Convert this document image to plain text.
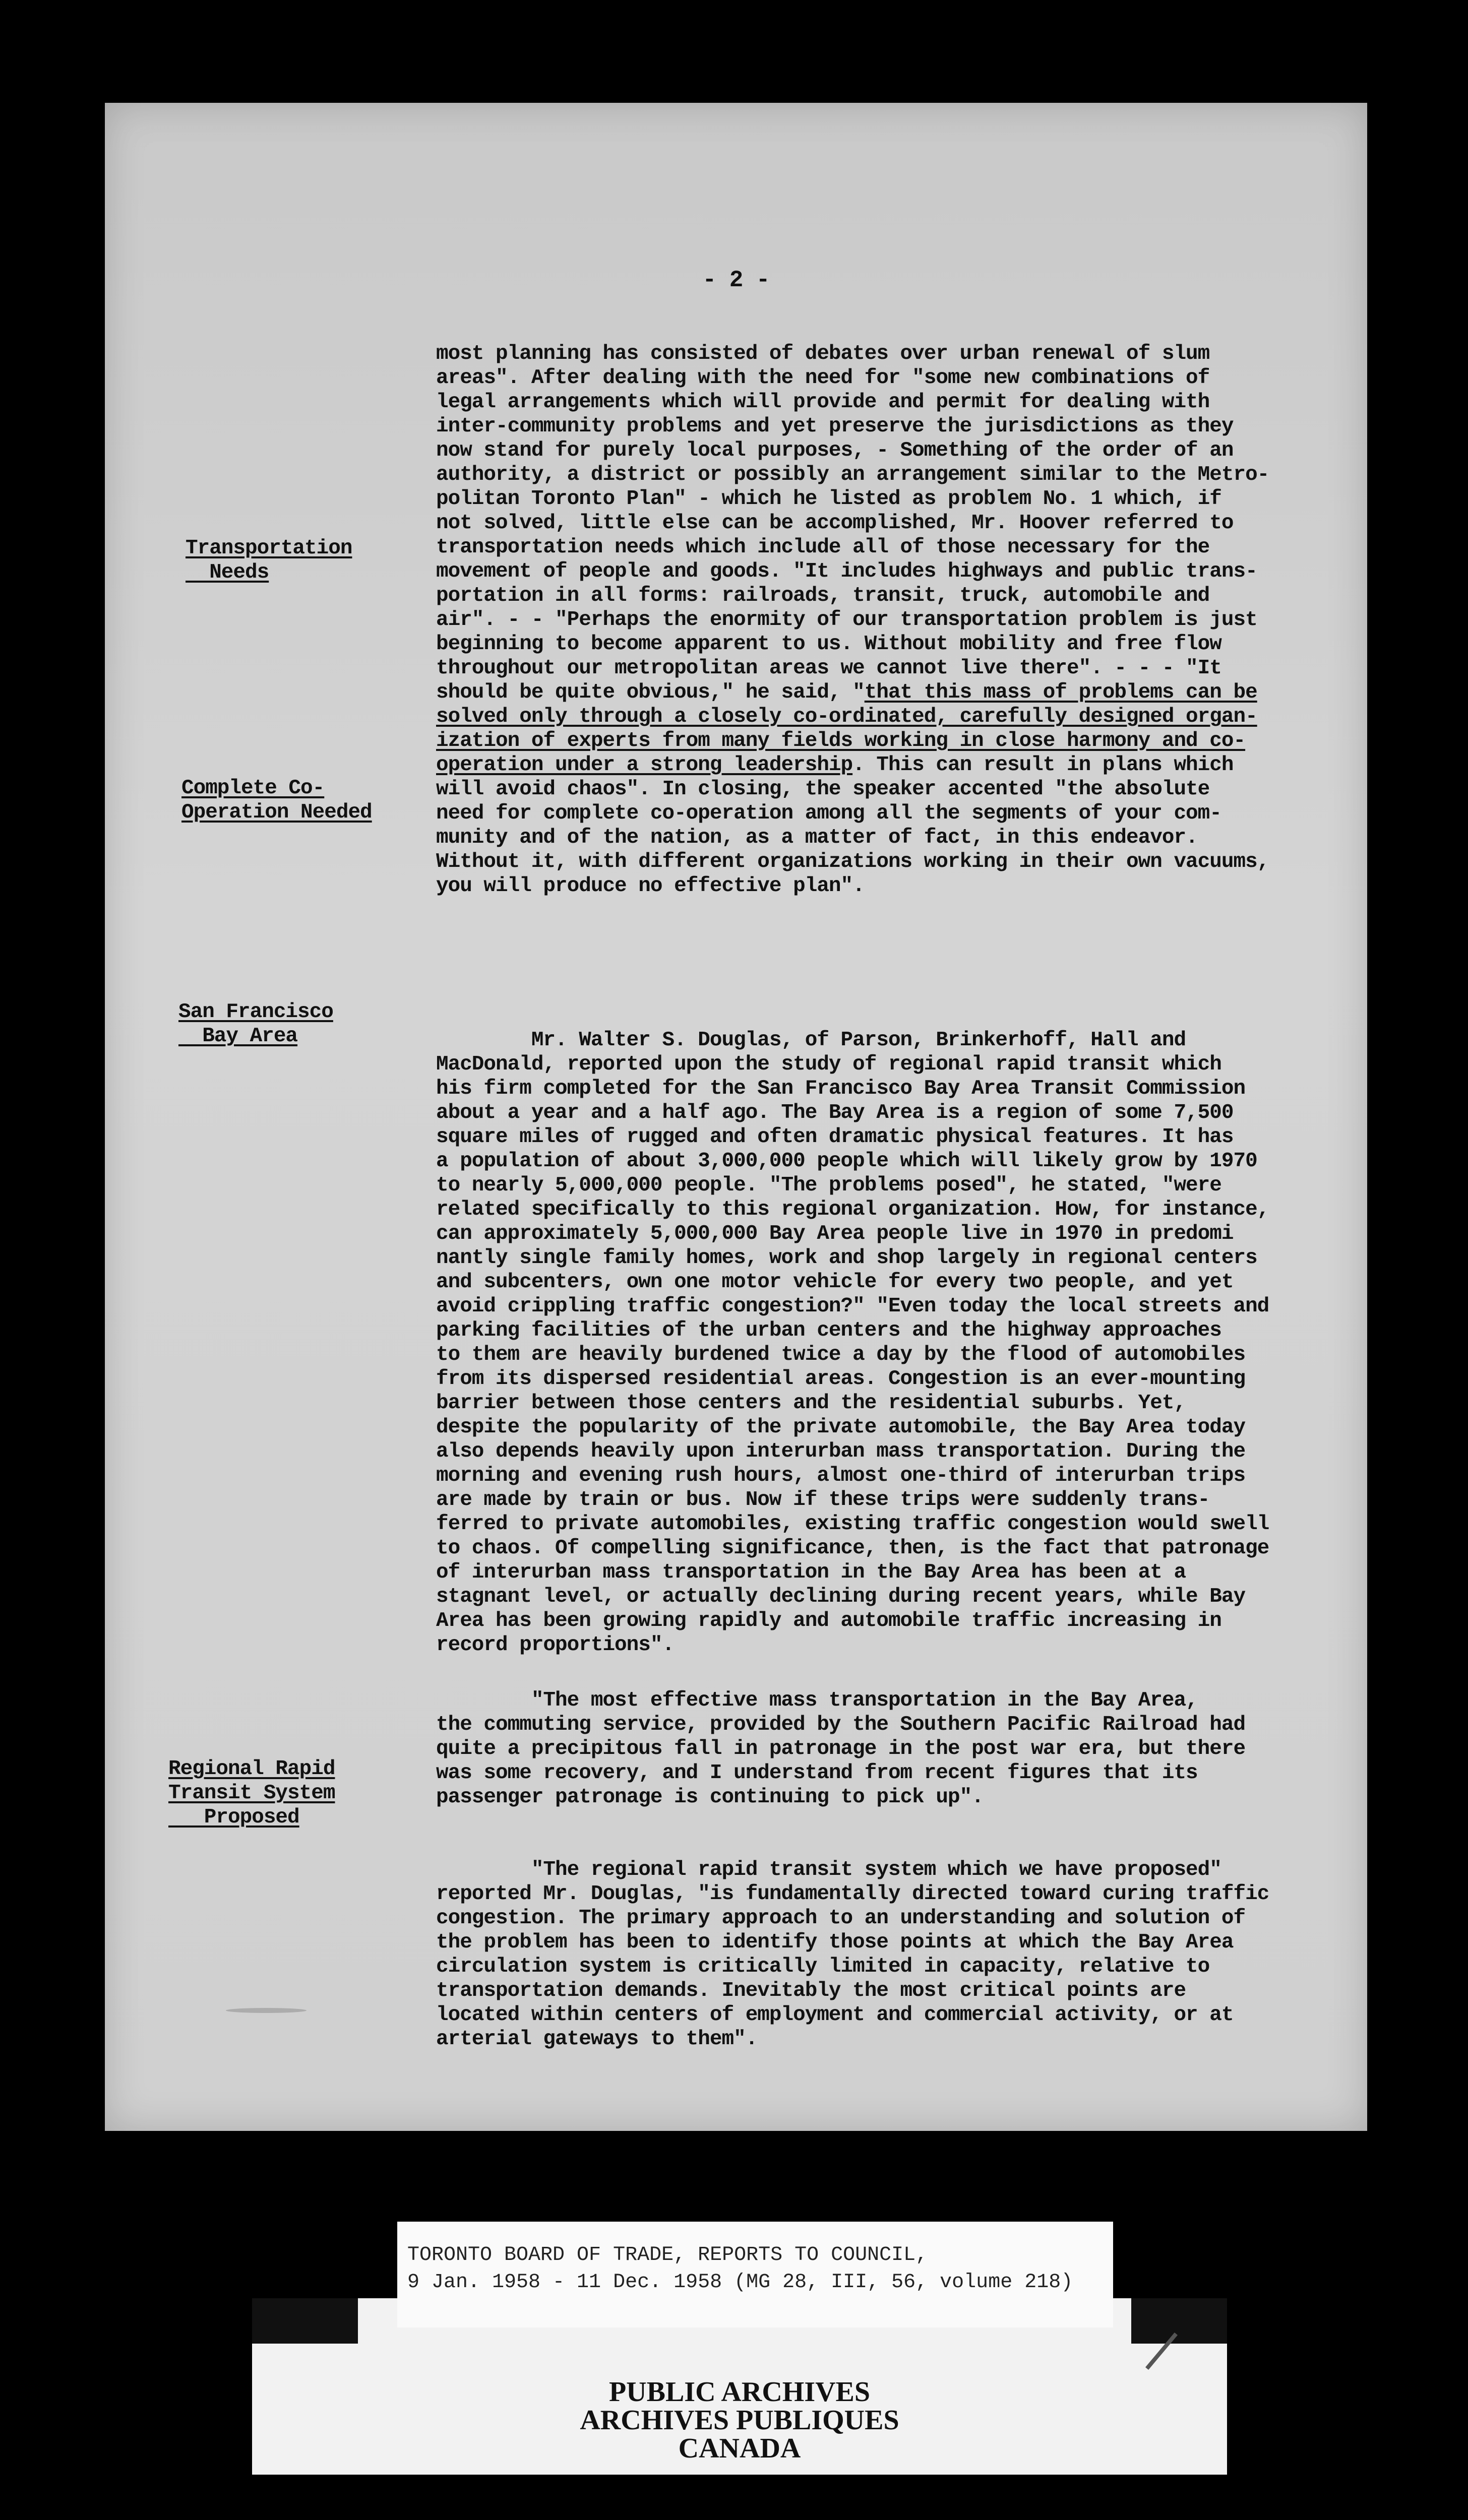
- 2 -
Transportation
Needs
Complete Co-
Operation Needed
San Francisco
Bay Area
Regional Rapid
Transit System
Proposed

most planning has consisted of debates over urban renewal of slum

areas". After dealing with the need for "some new combinations of

legal arrangements which will provide and permit for dealing with

inter-community problems and yet preserve the jurisdictions as they

now stand for purely local purposes, - Something of the order of an

authority, a district or possibly an arrangement similar to the Metro-

politan Toronto Plan" - which he listed as problem No. 1 which, if

not solved, little else can be accomplished, Mr. Hoover referred to

transportation needs which include all of those necessary for the

movement of people and goods. "It includes highways and public trans-

portation in all forms: railroads, transit, truck, automobile and

air". - - "Perhaps the enormity of our transportation problem is just

beginning to become apparent to us. Without mobility and free flow

throughout our metropolitan areas we cannot live there". - - - "It

should be quite obvious," he said, "that this mass of problems can be

solved only through a closely co-ordinated, carefully designed organ-

ization of experts from many fields working in close harmony and co-

operation under a strong leadership. This can result in plans which

will avoid chaos". In closing, the speaker accented "the absolute

need for complete co-operation among all the segments of your com-

munity and of the nation, as a matter of fact, in this endeavor.

Without it, with different organizations working in their own vacuums,

you will produce no effective plan".

Mr. Walter S. Douglas, of Parson, Brinkerhoff, Hall and

MacDonald, reported upon the study of regional rapid transit which

his firm completed for the San Francisco Bay Area Transit Commission

about a year and a half ago. The Bay Area is a region of some 7,500

square miles of rugged and often dramatic physical features. It has

a population of about 3,000,000 people which will likely grow by 1970

to nearly 5,000,000 people. "The problems posed", he stated, "were

related specifically to this regional organization. How, for instance,

can approximately 5,000,000 Bay Area people live in 1970 in predomi

nantly single family homes, work and shop largely in regional centers

and subcenters, own one motor vehicle for every two people, and yet

avoid crippling traffic congestion?" "Even today the local streets and

parking facilities of the urban centers and the highway approaches

to them are heavily burdened twice a day by the flood of automobiles

from its dispersed residential areas. Congestion is an ever-mounting

barrier between those centers and the residential suburbs. Yet,

despite the popularity of the private automobile, the Bay Area today

also depends heavily upon interurban mass transportation. During the

morning and evening rush hours, almost one-third of interurban trips

are made by train or bus. Now if these trips were suddenly trans-

ferred to private automobiles, existing traffic congestion would swell

to chaos. Of compelling significance, then, is the fact that patronage

of interurban mass transportation in the Bay Area has been at a

stagnant level, or actually declining during recent years, while Bay

Area has been growing rapidly and automobile traffic increasing in

record proportions".

"The most effective mass transportation in the Bay Area,

the commuting service, provided by the Southern Pacific Railroad had

quite a precipitous fall in patronage in the post war era, but there

was some recovery, and I understand from recent figures that its

passenger patronage is continuing to pick up".

"The regional rapid transit system which we have proposed"

reported Mr. Douglas, "is fundamentally directed toward curing traffic

congestion. The primary approach to an understanding and solution of

the problem has been to identify those points at which the Bay Area

circulation system is critically limited in capacity, relative to

transportation demands. Inevitably the most critical points are

located within centers of employment and commercial activity, or at

arterial gateways to them".

TORONTO BOARD OF TRADE, REPORTS TO COUNCIL,

9 Jan. 1958 - 11 Dec. 1958 (MG 28, III, 56, volume 218)

PUBLIC ARCHIVES
ARCHIVES PUBLIQUES
CANADA
